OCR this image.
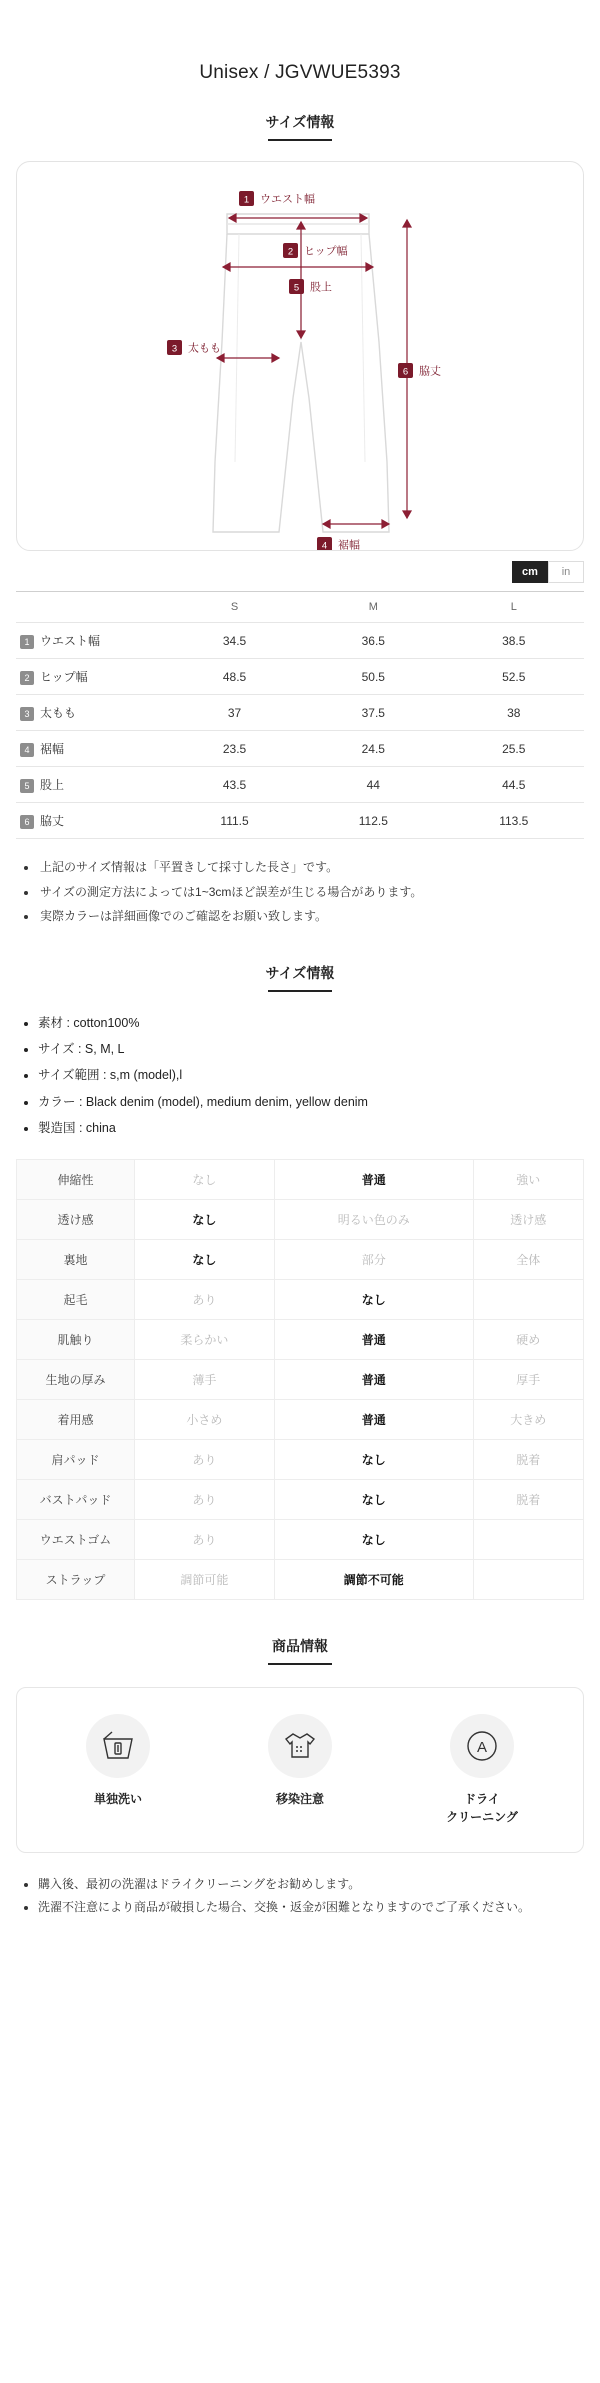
Unisex / JGVWUE5393
サイズ情報
1 ウエスト幅
2 ヒップ幅
5 股上
3 太もも
6 脇丈
4 裾幅
cm	in
	S	M	L
1 ウエスト幅	34.5	36.5	38.5
2 ヒップ幅	48.5	50.5	52.5
3 太もも	37	37.5	38
4 裾幅	23.5	24.5	25.5
5 股上	43.5	44	44.5
6 脇丈	111.5	112.5	113.5
• 上記のサイズ情報は「平置きして採寸した長さ」です。
• サイズの測定方法によっては1~3cmほど誤差が生じる場合があります。
• 実際カラーは詳細画像でのご確認をお願い致します。
サイズ情報
• 素材 : cotton100%
• サイズ : S, M, L
• サイズ範囲 : s,m (model),l
• カラー : Black denim (model), medium denim, yellow denim
• 製造国 : china
伸縮性	なし	普通	強い
透け感	なし	明るい色のみ	透け感
裏地	なし	部分	全体
起毛	あり	なし	
肌触り	柔らかい	普通	硬め
生地の厚み	薄手	普通	厚手
着用感	小さめ	普通	大きめ
肩パッド	あり	なし	脱着
バストパッド	あり	なし	脱着
ウエストゴム	あり	なし	
ストラップ	調節可能	調節不可能	
商品情報
単独洗い	移染注意
A
ドライ
クリーニング
• 購入後、最初の洗濯はドライクリーニングをお勧めします。
• 洗濯不注意により商品が破損した場合、交換・返金が困難となりますのでご了承ください。
